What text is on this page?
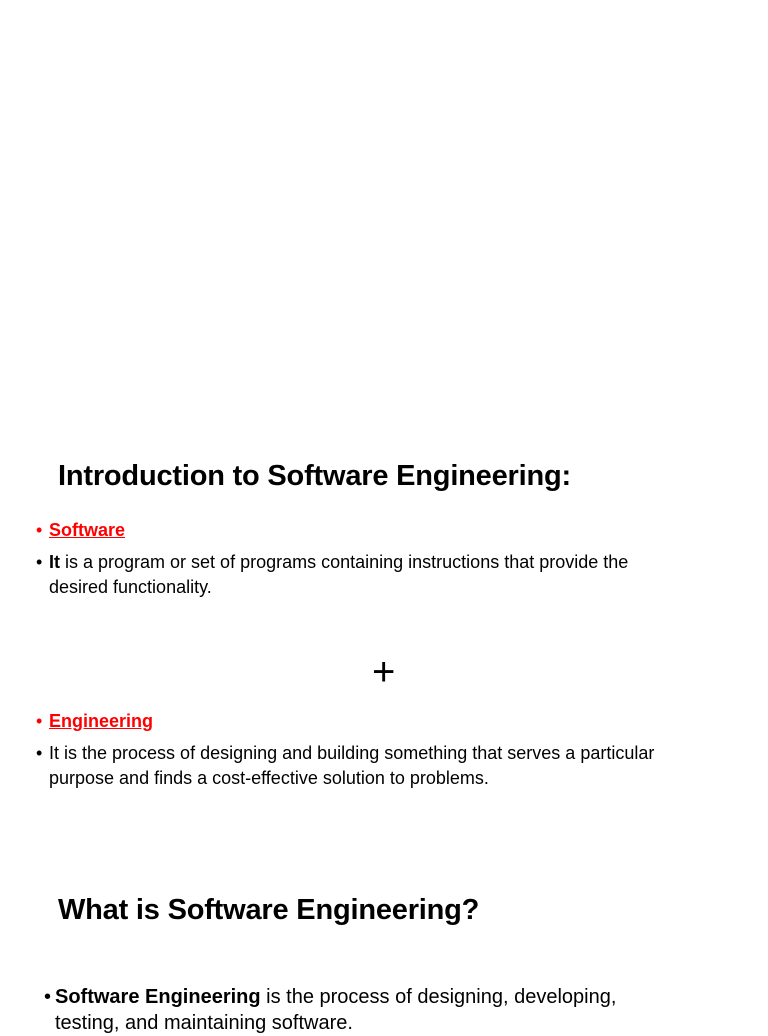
Introduction to Software Engineering:
• Software
• It is a program or set of programs containing instructions that provide the
desired functionality.
+
• Engineering
• It is the process of designing and building something that serves a particular
purpose and finds a cost-effective solution to problems.
What is Software Engineering?
• Software Engineering is the process of designing, developing,
testing, and maintaining software.
